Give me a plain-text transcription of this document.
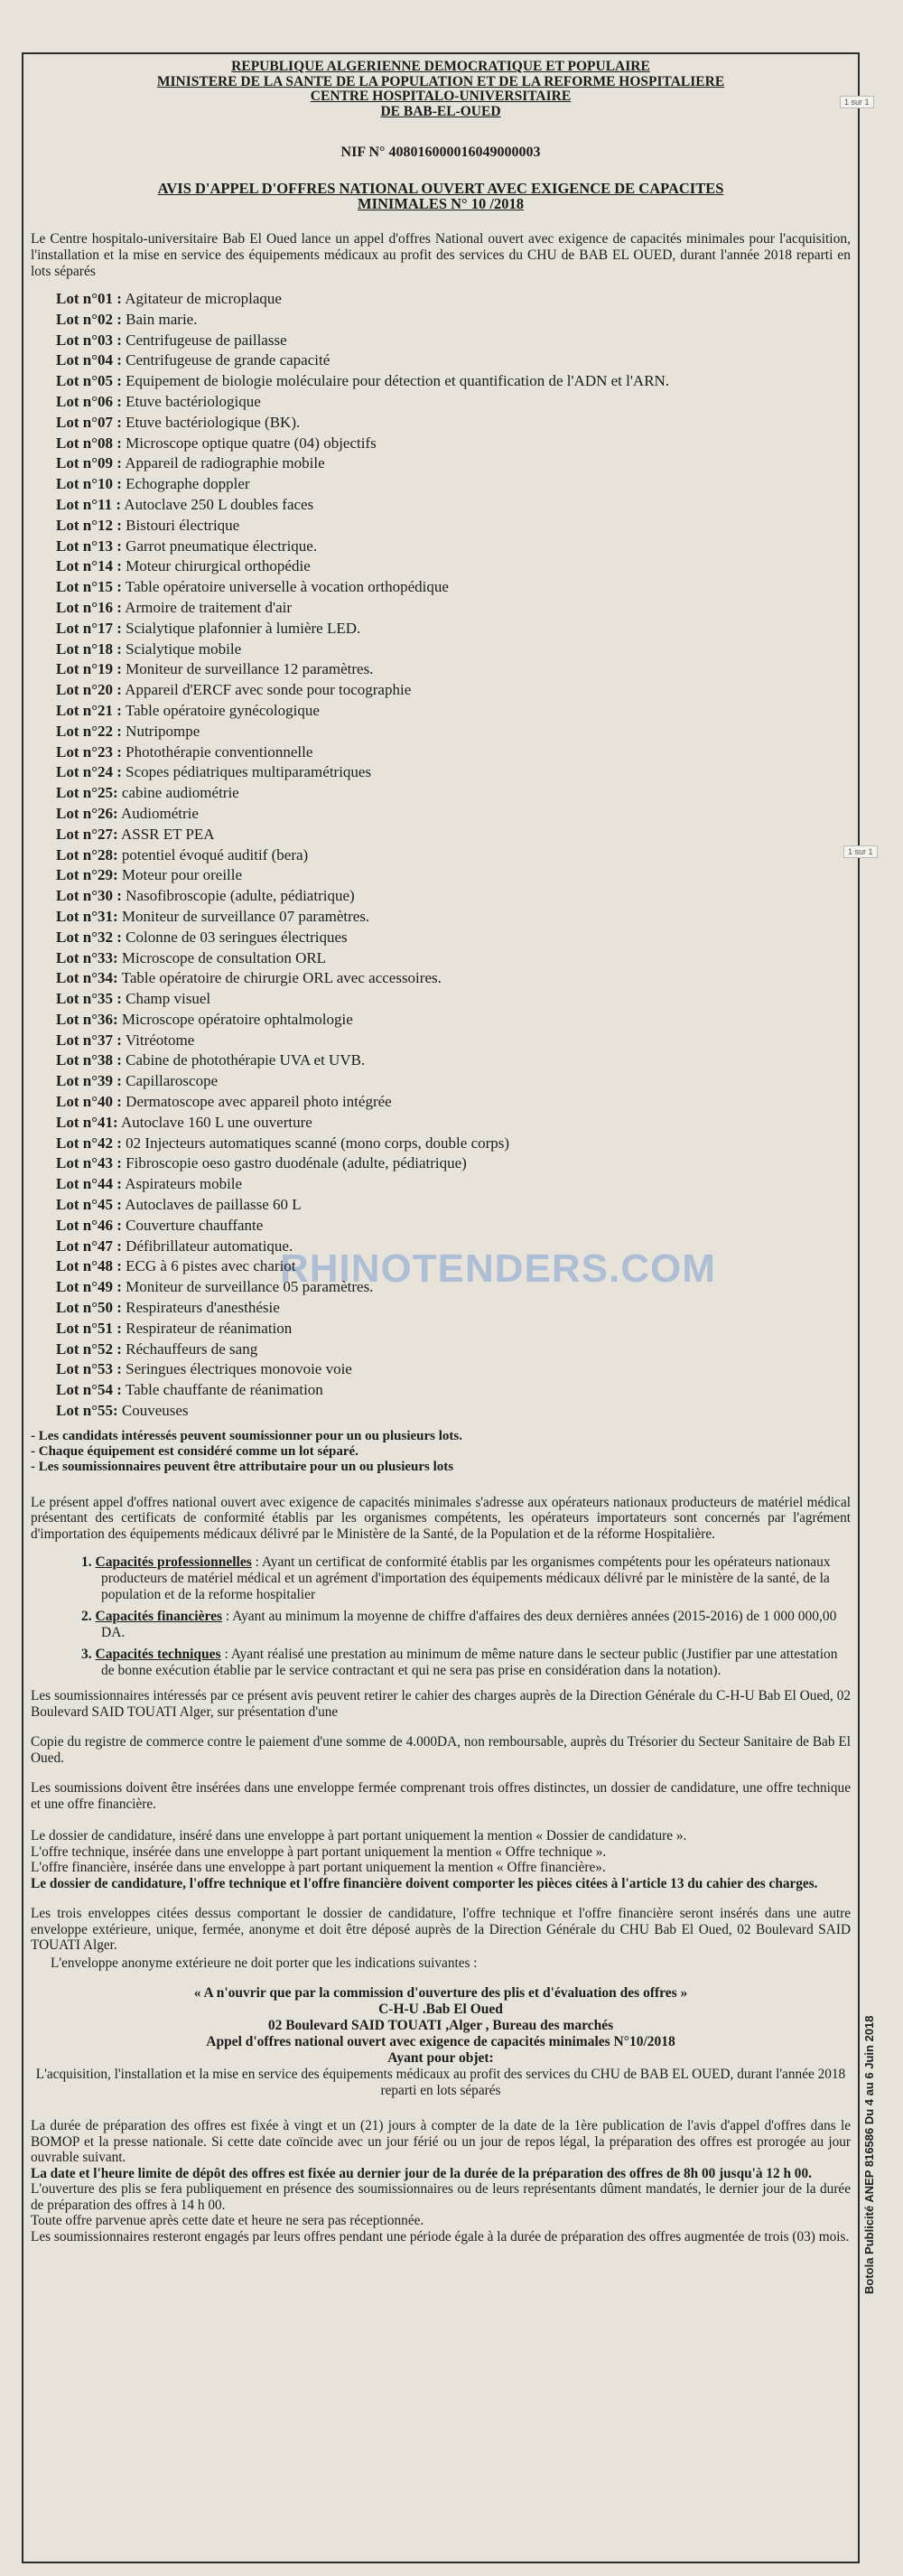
1 sur 1
1 sur 1
RHINOTENDERS.COM
Botola Publicité ANEP 816586 Du 4 au 6 Juin 2018
REPUBLIQUE ALGERIENNE DEMOCRATIQUE ET POPULAIRE
MINISTERE DE LA SANTE DE LA POPULATION ET DE LA REFORME HOSPITALIERE
CENTRE HOSPITALO-UNIVERSITAIRE
DE BAB-EL-OUED
NIF N° 408016000016049000003
AVIS D'APPEL D'OFFRES NATIONAL OUVERT AVEC EXIGENCE DE CAPACITES
MINIMALES N° 10 /2018
Le Centre hospitalo-universitaire Bab El Oued lance un appel d'offres National ouvert avec exigence de capacités minimales pour l'acquisition, l'installation et la mise en service des équipements médicaux au profit des services du CHU de BAB EL OUED, durant l'année 2018 reparti en lots séparés
Lot n°01 : Agitateur de microplaque
Lot n°02 : Bain marie.
Lot n°03 : Centrifugeuse de paillasse
Lot n°04 : Centrifugeuse de grande capacité
Lot n°05 : Equipement de biologie moléculaire pour détection et quantification de l'ADN et l'ARN.
Lot n°06 : Etuve bactériologique
Lot n°07 : Etuve bactériologique (BK).
Lot n°08 : Microscope optique quatre (04) objectifs
Lot n°09 : Appareil de radiographie mobile
Lot n°10 : Echographe doppler
Lot n°11 : Autoclave 250 L doubles faces
Lot n°12 : Bistouri électrique
Lot n°13 : Garrot pneumatique électrique.
Lot n°14 : Moteur chirurgical orthopédie
Lot n°15 : Table opératoire universelle à vocation orthopédique
Lot n°16 : Armoire de traitement d'air
Lot n°17 : Scialytique plafonnier à lumière LED.
Lot n°18 : Scialytique mobile
Lot n°19 : Moniteur de surveillance 12 paramètres.
Lot n°20 : Appareil d'ERCF avec sonde pour tocographie
Lot n°21 : Table opératoire gynécologique
Lot n°22 : Nutripompe
Lot n°23 : Photothérapie conventionnelle
Lot n°24 : Scopes pédiatriques multiparamétriques
Lot n°25: cabine audiométrie
Lot n°26: Audiométrie
Lot n°27: ASSR ET PEA
Lot n°28: potentiel évoqué auditif (bera)
Lot n°29: Moteur pour oreille
Lot n°30 : Nasofibroscopie (adulte, pédiatrique)
Lot n°31: Moniteur de surveillance 07 paramètres.
Lot n°32 : Colonne de 03 seringues électriques
Lot n°33: Microscope de consultation ORL
Lot n°34: Table opératoire de chirurgie ORL avec accessoires.
Lot n°35 : Champ visuel
Lot n°36: Microscope opératoire ophtalmologie
Lot n°37 : Vitréotome
Lot n°38 : Cabine de photothérapie UVA et UVB.
Lot n°39 : Capillaroscope
Lot n°40 : Dermatoscope avec appareil photo intégrée
Lot n°41: Autoclave 160 L une ouverture
Lot n°42 : 02 Injecteurs automatiques scanné (mono corps, double corps)
Lot n°43 : Fibroscopie oeso gastro duodénale (adulte, pédiatrique)
Lot n°44 : Aspirateurs mobile
Lot n°45 : Autoclaves de paillasse 60 L
Lot n°46 : Couverture chauffante
Lot n°47 : Défibrillateur automatique.
Lot n°48 : ECG à 6 pistes avec chariot
Lot n°49 : Moniteur de surveillance 05 paramètres.
Lot n°50 : Respirateurs d'anesthésie
Lot n°51 : Respirateur de réanimation
Lot n°52 : Réchauffeurs de sang
Lot n°53 : Seringues électriques monovoie voie
Lot n°54 : Table chauffante de réanimation
Lot n°55: Couveuses
- Les candidats intéressés peuvent soumissionner pour un ou plusieurs lots.
- Chaque équipement est considéré comme un lot séparé.
- Les soumissionnaires peuvent être attributaire pour un ou plusieurs lots
Le présent appel d'offres national ouvert avec exigence de capacités minimales s'adresse aux opérateurs nationaux producteurs de matériel médical présentant des certificats de conformité établis par les organismes compétents, les opérateurs importateurs sont concernés par l'agrément d'importation des équipements médicaux délivré par le Ministère de la Santé, de la Population et de la réforme Hospitalière.
1. Capacités professionnelles : Ayant un certificat de conformité établis par les organismes compétents pour les opérateurs nationaux producteurs de matériel médical et un agrément d'importation des équipements médicaux délivré par le ministère de la santé, de la population et de la reforme hospitalier
2. Capacités financières : Ayant au minimum la moyenne de chiffre d'affaires des deux dernières années (2015-2016) de 1 000 000,00 DA.
3. Capacités techniques : Ayant réalisé une prestation au minimum de même nature dans le secteur public (Justifier par une attestation de bonne exécution établie par le service contractant et qui ne sera pas prise en considération dans la notation).
Les soumissionnaires intéressés par ce présent avis peuvent retirer le cahier des charges auprès de la Direction Générale du C-H-U Bab El Oued, 02 Boulevard SAID TOUATI Alger, sur présentation d'une
Copie du registre de commerce contre le paiement d'une somme de 4.000DA, non remboursable, auprès du Trésorier du Secteur Sanitaire de Bab El Oued.
Les soumissions doivent être insérées dans une enveloppe fermée comprenant trois offres distinctes, un dossier de candidature, une offre technique et une offre financière.
Le dossier de candidature, inséré dans une enveloppe à part portant uniquement la mention « Dossier de candidature ».
L'offre technique, insérée dans une enveloppe à part portant uniquement la mention « Offre technique ».
L'offre financière, insérée dans une enveloppe à part portant uniquement la mention « Offre financière».
Le dossier de candidature, l'offre technique et l'offre financière doivent comporter les pièces citées à l'article 13 du cahier des charges.
Les trois enveloppes citées dessus comportant le dossier de candidature, l'offre technique et l'offre financière seront insérés dans une autre enveloppe extérieure, unique, fermée, anonyme et doit être déposé auprès de la Direction Générale du CHU Bab El Oued, 02 Boulevard SAID TOUATI Alger.
L'enveloppe anonyme extérieure ne doit porter que les indications suivantes :
« A n'ouvrir que par la commission d'ouverture des plis et d'évaluation des offres »
C-H-U .Bab El Oued
02 Boulevard SAID TOUATI ,Alger , Bureau des marchés
Appel d'offres national ouvert avec exigence de capacités minimales N°10/2018
Ayant pour objet:
L'acquisition, l'installation et la mise en service des équipements médicaux au profit des services du CHU de BAB EL OUED, durant l'année 2018 reparti en lots séparés
La durée de préparation des offres est fixée à vingt et un (21) jours à compter de la date de la 1ère publication de l'avis d'appel d'offres dans le BOMOP et la presse nationale. Si cette date coïncide avec un jour férié ou un jour de repos légal, la préparation des offres est prorogée au jour ouvrable suivant.
La date et l'heure limite de dépôt des offres est fixée au dernier jour de la durée de la préparation des offres de 8h 00 jusqu'à 12 h 00.
L'ouverture des plis se fera publiquement en présence des soumissionnaires ou de leurs représentants dûment mandatés, le dernier jour de la durée de préparation des offres à 14 h 00.
Toute offre parvenue après cette date et heure ne sera pas réceptionnée.
Les soumissionnaires resteront engagés par leurs offres pendant une période égale à la durée de préparation des offres augmentée de trois (03) mois.
